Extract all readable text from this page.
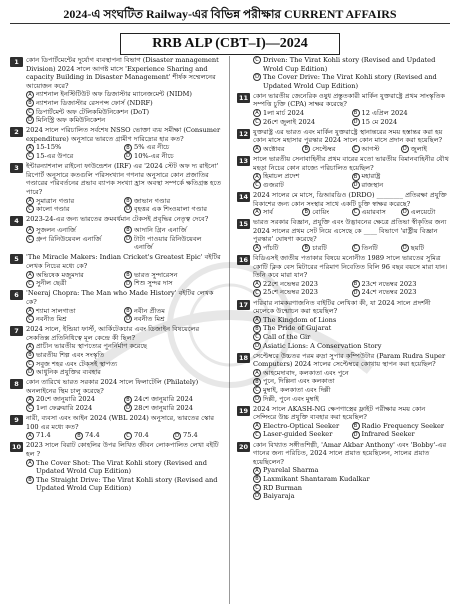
2024-এ সংঘটিত Railway-এর বিভিন্ন পরীক্ষার CURRENT AFFAIRS
RRB ALP (CBT–I)—2024
1	কোন ডিপার্টমেন্টের দুর্যোগ ব্যবস্থাপনা বিভাগ (Disaster management Division) 2024 সালে আগষ্ট মাসে 'Experience Sharing and capacity Building in Disaster Management' শীর্ষক সম্মেলনের আয়োজন করে?
A ন্যাশনাল ইনস্টিটিউট অফ ডিজাস্টার ম্যানেজমেন্ট (NIDM)
B ন্যাশনাল ডিজাস্টার রেসপন্স ফোর্স (NDRF)
C ডিপার্টমেন্ট অফ টেলিকমিউনিকেশন (DoT)
D মিনিস্ট্রি অফ কমিউনিকেশন
2	2024 সালে পরিচালিত সর্বশেষ NSSO ভোক্তা ব্যয় সমীক্ষা (Consumer expenditure) অনুসারে ভারতে গ্রামীণ দারিদ্র্যের হার কত?
A 15-15%	B 5% এর নীচে
C 15-এর উপরে	D 10%-এর নীচে
3	ইন্টারন্যাশনাল রাইনো ফাউন্ডেশন (IRF) এর '2024 স্টেট অফ দ্য রাইনো' রিপোর্ট অনুসারে কতগুলি পরিসংখ্যান গণনার অনুসারে কোন প্রজাতির গণ্ডারের পরিবর্তনের প্রভাব ব্যাপক সংখ্যা হ্রাস অবস্থা সম্পর্কে ক্ষতিগ্রস্ত হতে পারে?
A সুমাত্রান গণ্ডার	B জাভান গণ্ডার
C কালো গণ্ডার	D বৃহত্তর এক শিংওয়ালা গণ্ডার
4	2023-24-এর জন্য ভারতের ক্রমবর্ধমান টেকসই প্রবৃদ্ধির নেতৃত্ব দেবে?
A সুজলন এনার্জি	B আদানি গ্রিন এনার্জি
C গ্রুপ রিনিউয়েবল এনার্জি	D টাটা পাওয়ার রিনিউয়েবল এনার্জি
5	'The Miracle Makers: Indian Cricket's Greatest Epic' বইটির লেখক নিচের মধ্যে কে?
A অভিষেক মজুমদার	B ভারত সুন্দারেসন
C সুনীল ছেত্রী	D শিশু সুন্দর দাস
6	'Neeraj Chopra: The Man who Made History' বইটির লেখক কে?
A শ্যামা সালগাতা	B নবীন প্রীতম
C নবনীত মিশ্র	D নবনীত মিশ্র
7	2024 সালে, ইন্ডিয়া ফার্স্ট, আর্কিটেকচার এবং ডিজাইন বিষয়েলের সেকতিক্স প্রতিনিধিত্বে মূল কেন্দ্রে কী ছিল?
A প্রাচীন ভারতীয় স্থাপত্যের পুনর্নির্মাণ করেছে
B ভারতীয় শিল্প এবং সংস্কৃতি
C সবুজ শহর এবং টেকসই স্থাপত্য
D আধুনিক প্রযুক্তির ব্যবহার
8	কোন তারিখে ভারত সরকার 2024 সালে ফিলাটেলি (Philately) অনলাইনের স্থিম চালু করেছে?
A 20শে জানুয়ারি 2024	B 24শে জানুয়ারি 2024
C 1লা ফেব্রুয়ারি 2024	D 28শে জানুয়ারি 2024
9	নারী, ব্যবসা এবং আইন 2024 (WBL 2024) অনুসারে, ভারতের স্কোর 100 এর মধ্যে কত?
A 71.4	B 74.4	C 70.4	D 75.4
10 2023 সালে বিরাট কোহলির উপর লিখিত জীবন লোকপালিত লেখা বইটি হল ?
A The Cover Shot: The Virat Kohli story (Revised and Updated Wrold Cup Edition)
B The Straight Drive: The Virat Kohli story (Revised and Updated Wrold Cup Edition)
C Driven: The Virat Kohli story (Revised and Updated Wrold Cup Edition)
D The Cover Drive: The Virat Kohli story (Revised and Updated Wrold Cup Edition)
11 কোন ভারতীয় জেনেরিক ওষুধ প্রস্তুতকারী মার্কিন যুক্তরাষ্ট্রে প্রথম সাংস্কৃতিক সম্পত্তি চুক্তি (CPA) সাক্ষর করেছে?
A 1লা মার্চ 2024	B 12 এপ্রিল 2024
C 26শে জুলাই 2024	D 15 মে 2024
12 যুক্তরাষ্ট্র এর ভারত এবং মার্কিন যুক্তরাষ্ট্রে স্থানান্তরের সময় হস্তান্তর করা হয় কোন মাসে মহাসার পুরস্কার 2024 সালে কোন মাসে প্রদান করা হয়েছিল?
A অক্টোবর	B সেপ্টেম্বর	C আগস্ট	D জুলাই
13 সালে ভারতীয় সেনাবাহিনীর প্রথম বারের মতো ভারতীয় বিমানবাহিনীর যৌথ মহড়া নিচের কোন রাজ্যে পরিচালিত হয়েছিল?
A হিমাচল প্রদেশ	B মহারাষ্ট্র
C গুজরাট	D রাজস্থান
14 2024 সালের মে মাসে, ডিআরডিও (DRDO) ________ প্রতিরক্ষা প্রযুক্তি বিকাশের জন্য কোন সংস্থার সাথে একটি চুক্তি স্বাক্ষর করেছে?
A সার্ব	B বোয়িং	C এয়ারবাস	D এলয়েটো
15 ভারত সরকার বিজ্ঞান, প্রযুক্তি এবং উদ্ভাবনের ক্ষেত্রে প্রতিভা স্বীকৃতির জন্য 2024 সালের প্রথম সেট নিয়ে এসেছে কে ____ বিভাগে 'রাষ্ট্রীয় বিজ্ঞান পুরস্কার' ঘোষণা করেছে?
A পাঁচটি	B চারটি	C তিনটি	D ছয়টি
16 বিডিএসই জাতীয় পতাকার বিষয়ে মনোনীত 1989 সালে ভারতের সুমিত্ৰ কোটি ক্লিক বেস মিটারের পরিমাণ নিবেতিত বিলি 96 বছর বয়সে মারা যান। তিনি কবে মারা যান?
A 22শে নভেম্বর 2023	B 23শে নভেম্বর 2023
C 25শে নভেম্বর 2023	D 24শে নভেম্বর 2023
17 পরিবার নামকরণাজনিত বাইটির লেখিকা কী, যা 2024 সালে প্রদর্শনী মেলেকে উন্মোচন করা হয়েছিল?
A The Kingdom of Lions
B The Pride of Gujarat
C Call of the Gir
D Asiatic Lions: A Conservation Story
18 সেপ্টেম্বরে উচ্চতর পরম রুদ্রা সুপার কম্পিউটার (Param Rudra Super Computers) 2024 সালের সেপ্টেম্বরে কোথায় স্থাপন করা হয়েছিল?
A আহমেদাবাদ, কলকাতা এবং পুনে
B পুনে, দিল্লিনা এবং কলকাতা
C মুম্বাই, কলকাতা এবং দিল্লী
D দিল্লী, পুনে এবং মুম্বাই
19 2024 সালে AKASH-NG ক্ষেপণাস্ত্রের ফ্লাইট পরীক্ষার সময় কোন সেন্সিংরে উচ্চ প্রযুক্তি ব্যবহার করা হয়েছিল?
A Electro-Optical Seeker	B Radio Frequency Seeker
C Laser-guided Seeker	D Infrared Seeker
20 কোন বিখ্যাত সঙ্গীতশিল্পী, 'Amar Akbar Anthony' এবং 'Bobby'-এর গানের জন্য পরিচিত, 2024 সালে প্রয়াত হয়েছিলেন, সালের প্রয়াত হয়েছিলেন?
A Pyarelal Sharma
B Laxmikant Shantaram Kudalkar
C RD Burman
D Baiyaraja
